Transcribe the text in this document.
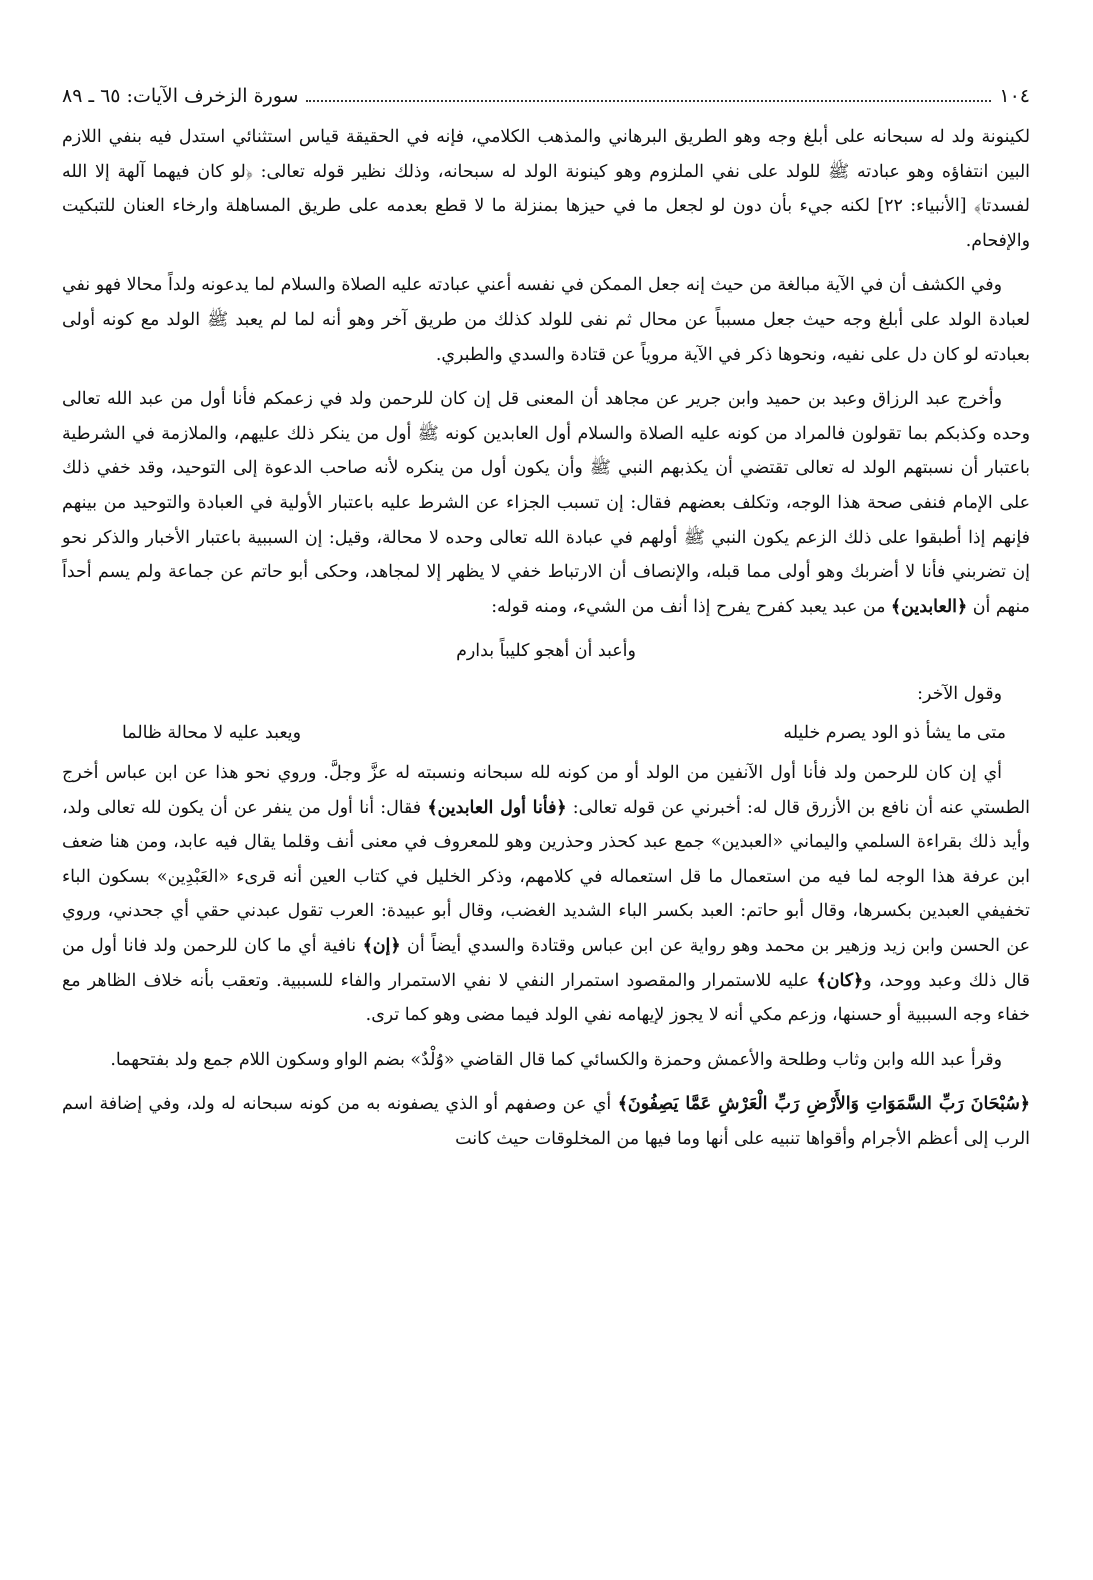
١٠٤
سورة الزخرف الآيات: ٦٥ ـ ٨٩

لكينونة ولد له سبحانه على أبلغ وجه وهو الطريق البرهاني والمذهب الكلامي، فإنه في الحقيقة قياس استثنائي استدل فيه بنفي اللازم البين انتفاؤه وهو عبادته ﷺ للولد على نفي الملزوم وهو كينونة الولد له سبحانه، وذلك نظير قوله تعالى: ﴿لو كان فيهما آلهة إلا الله لفسدتا﴾ [الأنبياء: ٢٢] لكنه جيء بأن دون لو لجعل ما في حيزها بمنزلة ما لا قطع بعدمه على طريق المساهلة وارخاء العنان للتبكيت والإفحام.

وفي الكشف أن في الآية مبالغة من حيث إنه جعل الممكن في نفسه أعني عبادته عليه الصلاة والسلام لما يدعونه ولداً محالا فهو نفي لعبادة الولد على أبلغ وجه حيث جعل مسبباً عن محال ثم نفى للولد كذلك من طريق آخر وهو أنه لما لم يعبد ﷺ الولد مع كونه أولى بعبادته لو كان دل على نفيه، ونحوها ذكر في الآية مروياً عن قتادة والسدي والطبري.

وأخرج عبد الرزاق وعبد بن حميد وابن جرير عن مجاهد أن المعنى قل إن كان للرحمن ولد في زعمكم فأنا أول من عبد الله تعالى وحده وكذبكم بما تقولون فالمراد من كونه عليه الصلاة والسلام أول العابدين كونه ﷺ أول من ينكر ذلك عليهم، والملازمة في الشرطية باعتبار أن نسبتهم الولد له تعالى تقتضي أن يكذبهم النبي ﷺ وأن يكون أول من ينكره لأنه صاحب الدعوة إلى التوحيد، وقد خفي ذلك على الإمام فنفى صحة هذا الوجه، وتكلف بعضهم فقال: إن تسبب الجزاء عن الشرط عليه باعتبار الأولية في العبادة والتوحيد من بينهم فإنهم إذا أطبقوا على ذلك الزعم يكون النبي ﷺ أولهم في عبادة الله تعالى وحده لا محالة، وقيل: إن السببية باعتبار الأخبار والذكر نحو إن تضربني فأنا لا أضربك وهو أولى مما قبله، والإنصاف أن الارتباط خفي لا يظهر إلا لمجاهد، وحكى أبو حاتم عن جماعة ولم يسم أحداً منهم أن ﴿العابدين﴾ من عبد يعبد كفرح يفرح إذا أنف من الشيء، ومنه قوله:

وأعبد أن أهجو كليباً بدارم
وقول الآخر:
متى ما يشأ ذو الود يصرم خليله
ويعبد عليه لا محالة ظالما

أي إن كان للرحمن ولد فأنا أول الآنفين من الولد أو من كونه لله سبحانه ونسبته له عزَّ وجلَّ. وروي نحو هذا عن ابن عباس أخرج الطستي عنه أن نافع بن الأزرق قال له: أخبرني عن قوله تعالى: ﴿فأنا أول العابدين﴾ فقال: أنا أول من ينفر عن أن يكون لله تعالى ولد، وأيد ذلك بقراءة السلمي واليماني «العبدين» جمع عبد كحذر وحذرين وهو للمعروف في معنى أنف وقلما يقال فيه عابد، ومن هنا ضعف ابن عرفة هذا الوجه لما فيه من استعمال ما قل استعماله في كلامهم، وذكر الخليل في كتاب العين أنه قرىء «العَبْدِين» بسكون الباء تخفيفي العبدين بكسرها، وقال أبو حاتم: العبد بكسر الباء الشديد الغضب، وقال أبو عبيدة: العرب تقول عبدني حقي أي جحدني، وروي عن الحسن وابن زيد وزهير بن محمد وهو رواية عن ابن عباس وقتادة والسدي أيضاً أن ﴿إن﴾ نافية أي ما كان للرحمن ولد فانا أول من قال ذلك وعبد ووحد، و﴿كان﴾ عليه للاستمرار والمقصود استمرار النفي لا نفي الاستمرار والفاء للسببية. وتعقب بأنه خلاف الظاهر مع خفاء وجه السببية أو حسنها، وزعم مكي أنه لا يجوز لإيهامه نفي الولد فيما مضى وهو كما ترى.

وقرأ عبد الله وابن وثاب وطلحة والأعمش وحمزة والكسائي كما قال القاضي «وُلْدٌ» بضم الواو وسكون اللام جمع ولد بفتحهما.

﴿سُبْحَانَ رَبِّ السَّمَوَاتِ وَالأَرْضِ رَبِّ الْعَرْشِ عَمَّا يَصِفُونَ﴾ أي عن وصفهم أو الذي يصفونه به من كونه سبحانه له ولد، وفي إضافة اسم الرب إلى أعظم الأجرام وأقواها تنبيه على أنها وما فيها من المخلوقات حيث كانت
